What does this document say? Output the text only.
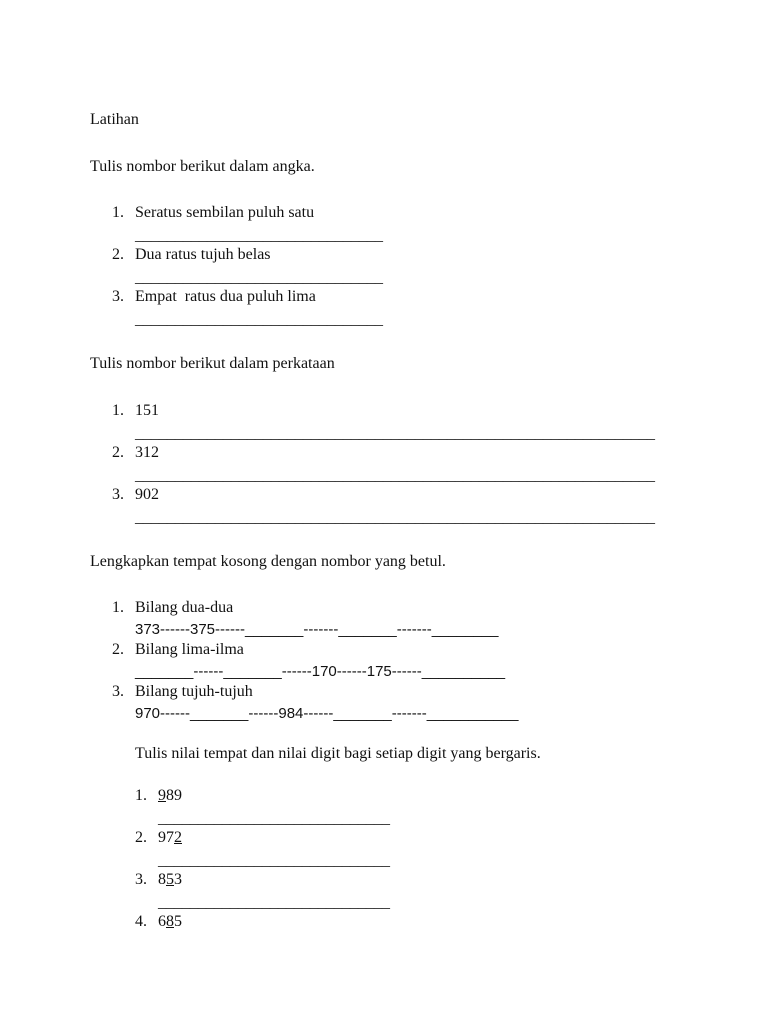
Latihan
Tulis nombor berikut dalam angka.
1. Seratus sembilan puluh satu
_______________________________
2. Dua ratus tujuh belas
_______________________________
3. Empat  ratus dua puluh lima
_______________________________
Tulis nombor berikut dalam perkataan
1. 151
_________________________________________________________________
2. 312
_________________________________________________________________
3. 902
_________________________________________________________________
Lengkapkan tempat kosong dengan nombor yang betul.
1. Bilang dua-dua
373------375------_______-------_______-------________
2. Bilang lima-ilma
_______------_______------170------175------__________
3. Bilang tujuh-tujuh
970------_______------984------_______-------___________
Tulis nilai tempat dan nilai digit bagi setiap digit yang bergaris.
1. 989
_____________________________
2. 972
_____________________________
3. 853
_____________________________
4. 685
